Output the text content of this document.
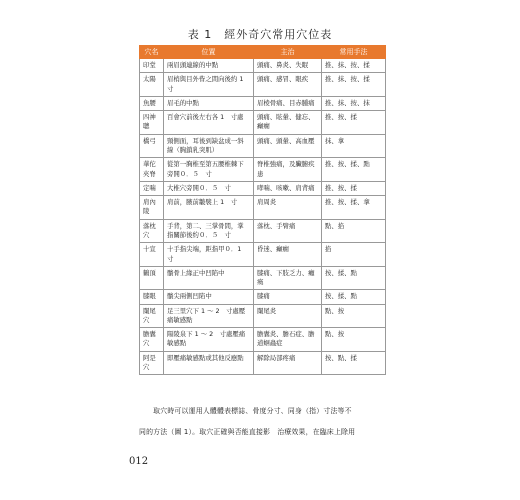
表 1　經外奇穴常用穴位表
穴名	位置	主治	常用手法
印堂	兩眉頭連線的中點	頭痛、鼻炎、失眠	推、抹、按、揉
太陽	眉梢與目外眥之間向後約 1　寸	頭痛、感冒、眼疾	推、抹、按、揉
魚腰	眉毛的中點	眉棱骨痛、目赤腫痛	推、抹、按、抹
四神聰	百會穴前後左右各 1　寸處	頭痛、眩暈、健忘、癲癇	推、按、揉
橋弓	頸側面，耳後到缺盆成一斜線（胸鎖乳突肌）	頭痛、頭暈、高血壓	抹、拿
華佗夾脊	從第一胸椎至第五腰椎棘下旁開０．５　寸	脊椎強痛，及臟腑疾患	推、按、揉、點
定喘	大椎穴旁開０．５　寸	哮喘、咳嗽、肩背痛	推、按、揉
肩內陵	肩前，腋前皺襞上 1　寸	肩周炎	推、按、揉、拿
落枕穴	手背，第二、三掌骨間，掌指關節後約０．５　寸	落枕、手臂痛	點、掐
十宣	十手指尖端，距指甲０．1　寸	昏迷、癲癇	掐
鶴頂	髕骨上緣正中凹陷中	膝痛、下肢乏力、癱瘓	按、揉、點
膝眼	髕尖兩側凹陷中	膝痛	按、揉、點
闌尾穴	足三里穴下 1 ～ 2　寸處壓痛敏感點	闌尾炎	點、按
膽囊穴	陽陵泉下 1 ～ 2　寸處壓痛敏感點	膽囊炎、膽石症、膽道蛔蟲症	點、按
阿是穴	即壓痛敏感點或其他反應點	解除局部疼痛	按、點、揉
　　取穴時可以運用人體體表標誌、骨度分寸、同身（指）寸法等不
同的方法（圖 1）。取穴正確與否能直接影　治療效果，在臨床上除用
012
